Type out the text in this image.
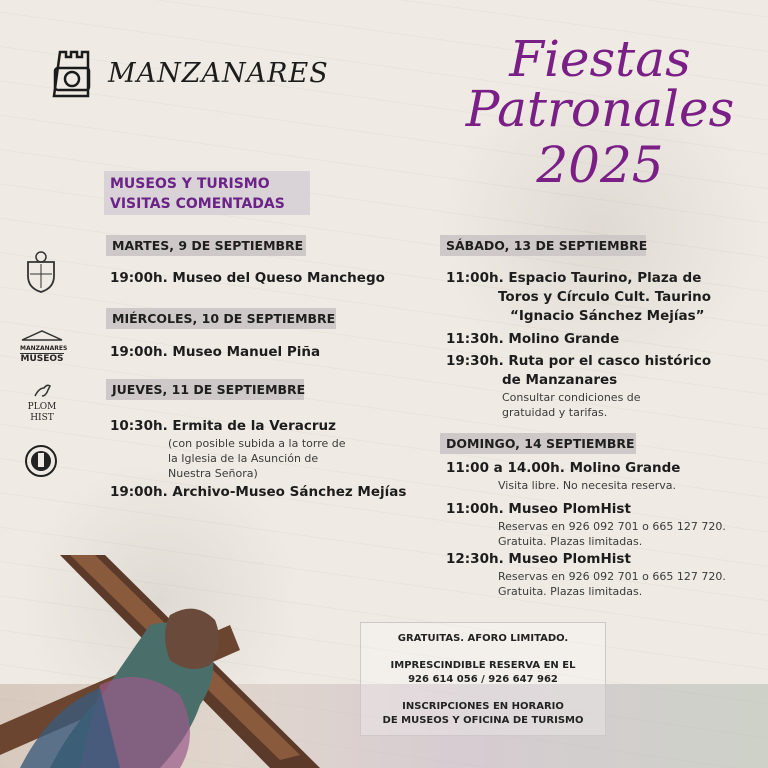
MANZANARES	Fiestas
Patronales
2025
MUSEOS Y TURISMO
VISITAS COMENTADAS
MANZANARES
MUSEOS
PLOM
HIST
MARTES, 9 DE SEPTIEMBRE
19:00h. Museo del Queso Manchego
MIÉRCOLES, 10 DE SEPTIEMBRE
19:00h. Museo Manuel Piña
JUEVES, 11 DE SEPTIEMBRE
10:30h. Ermita de la Veracruz
(con posible subida a la torre de
la Iglesia de la Asunción de
Nuestra Señora)
19:00h. Archivo-Museo Sánchez Mejías
SÁBADO, 13 DE SEPTIEMBRE
11:00h. Espacio Taurino, Plaza de
Toros y Círculo Cult. Taurino
“Ignacio Sánchez Mejías”
11:30h. Molino Grande
19:30h. Ruta por el casco histórico
de Manzanares
Consultar condiciones de
gratuidad y tarifas.
DOMINGO, 14 SEPTIEMBRE
11:00 a 14.00h. Molino Grande
Visita libre. No necesita reserva.
11:00h. Museo PlomHist
Reservas en 926 092 701 o 665 127 720.
Gratuita. Plazas limitadas.
12:30h. Museo PlomHist
Reservas en 926 092 701 o 665 127 720.
Gratuita. Plazas limitadas.
GRATUITAS. AFORO LIMITADO.
IMPRESCINDIBLE RESERVA EN EL
926 614 056 / 926 647 962
INSCRIPCIONES EN HORARIO
DE MUSEOS Y OFICINA DE TURISMO
